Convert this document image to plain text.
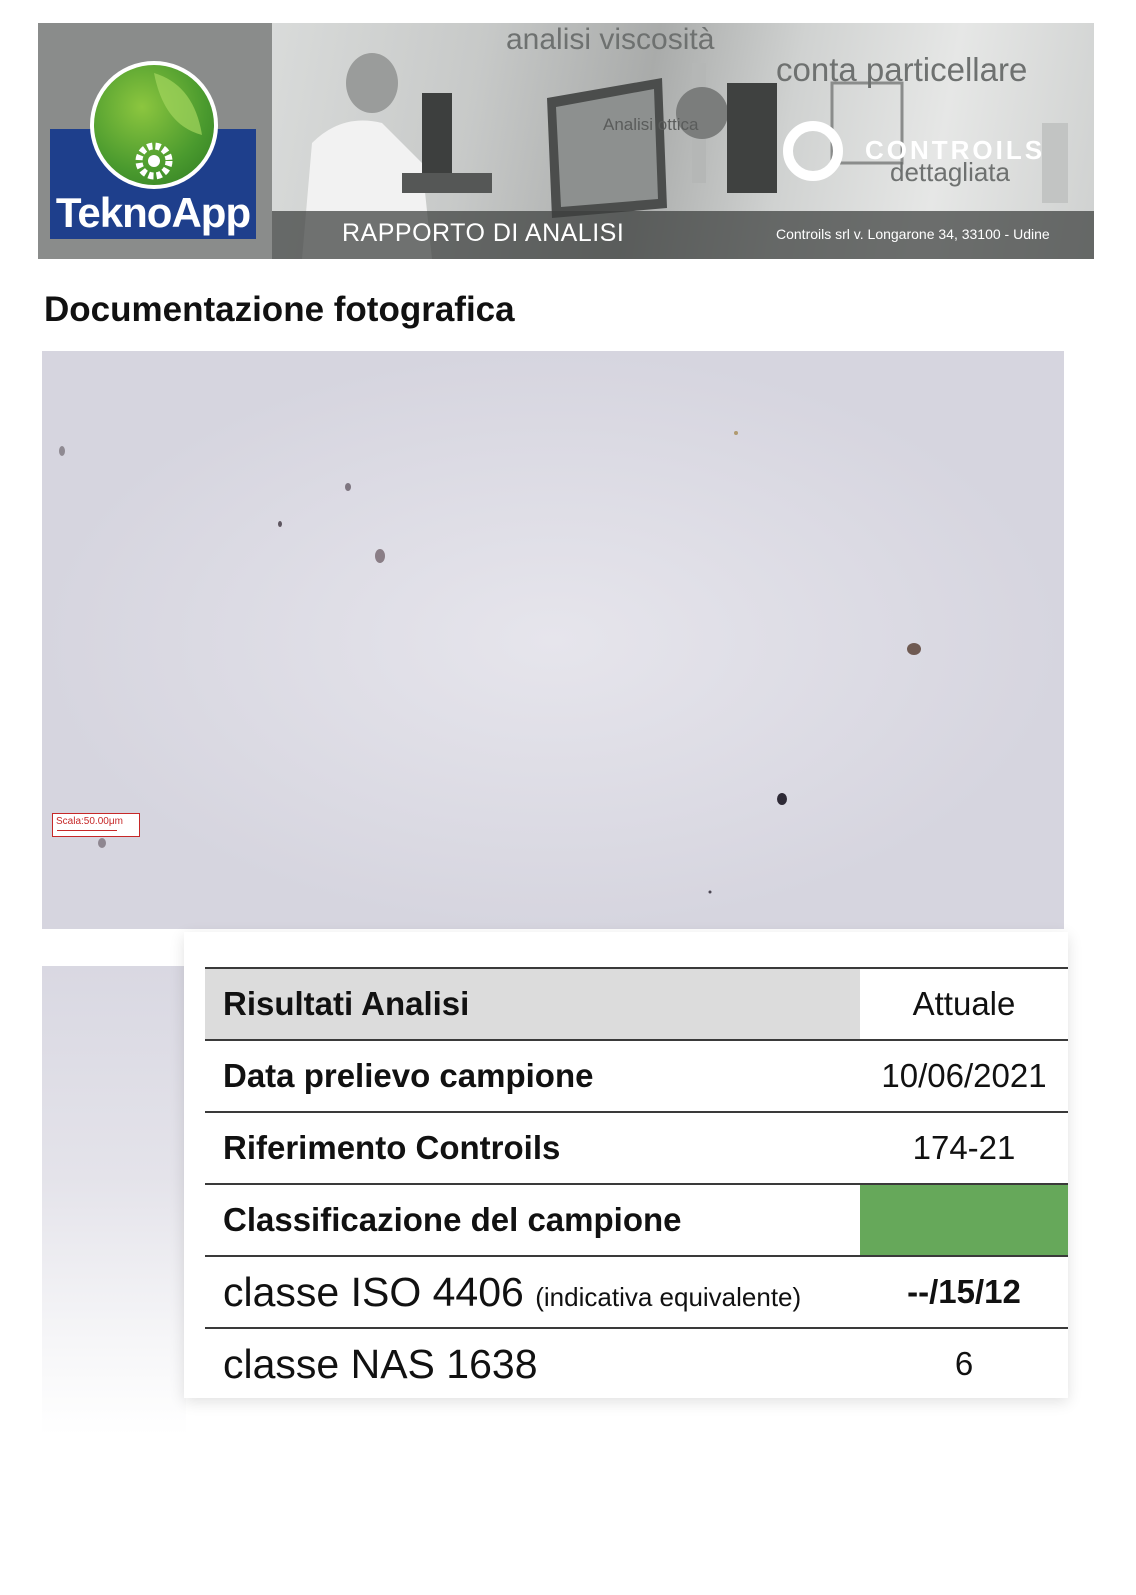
analisi viscosità
conta particellare
dettagliata
Analisi ottica
TeknoApp	RAPPORTO DI ANALISI	Controils srl v. Longarone 34, 33100 - Udine
CONTROILS
Documentazione fotografica
Scala:50.00μm
Risultati Analisi	Attuale
Data prelievo campione	10/06/2021
Riferimento Controils	174-21
Classificazione del campione	
classe ISO 4406 (indicativa equivalente)	--/15/12
classe NAS 1638	6
